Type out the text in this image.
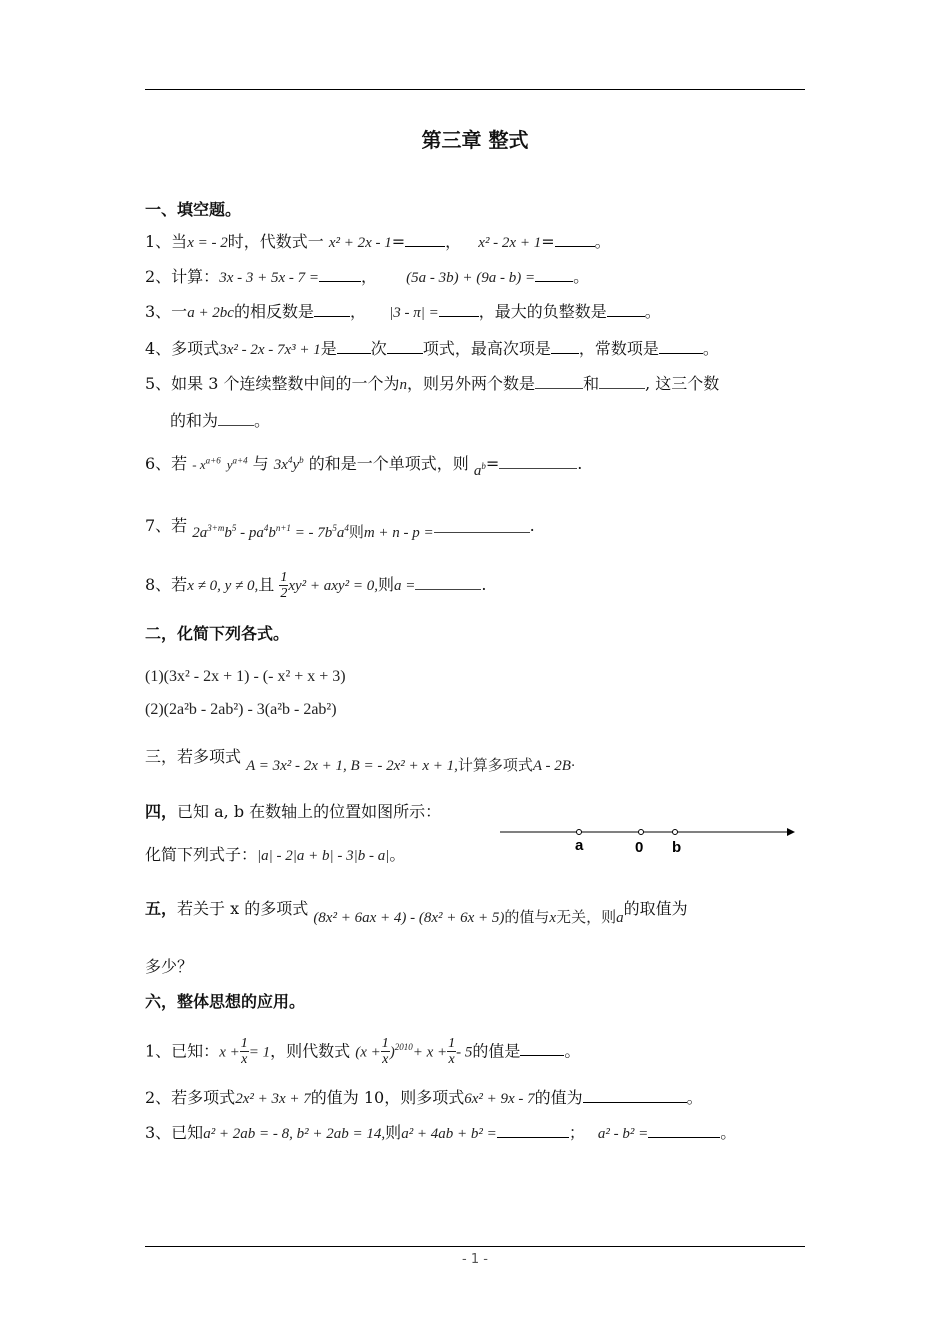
第三章 整式
一、填空题。
1、当x = - 2时，代数式一 x² + 2x - 1=	， x² - 2x + 1=	。
2、计算：3x - 3 + 5x - 7 =	， (5a - 3b) + (9a - b) = 。
3、一a + 2bc的相反数是 ， |3 - π| =	，最大的负整数是 。
4、多项式3x² - 2x - 7x³ + 1是 次 项式，最高次项是 ，常数项是	。
5、如果 3 个连续整数中间的一个为n，则另外两个数是	和	, 这三个数
的和为 。
6、若 - $x^{a+6}$ $y^{a+4}$ 与 $3x^4y^b$ 的和是一个单项式，则 $a^b=$	.
7、若 $2a^{3+m}b^5 - pa^4b^{n+1}$ = - $7b^5a^4$则m + n - p =	.
8、若x ≠ 0, y ≠ 0,且 $\frac{1}{2} xy^2 + axy^2 = 0$,则a =	.
二，化简下列各式。
(1)(3x² - 2x + 1) - (- x² + x + 3)
(2)(2a²b - 2ab²) - 3(a²b - 2ab²)
三，若多项式 A = 3x² - 2x + 1, B = - 2x² + x + 1,计算多项式A - 2B·
四，已知 a, b 在数轴上的位置如图所示：
化简下列式子：|a| - 2|a + b| - 3|b - a|。	a	0 b
五，若关于 x 的多项式 (8x² + 6ax + 4) - (8x² + 6x + 5)的值与x无关，则a的取值为
多少？
六，整体思想的应用。
1、已知：$x + \frac{1}{x} = 1$，则代数式 $(x + \frac{1}{x} )^{2010}+ x + \frac{1}{x} - 5$的值是	。
2、若多项式2x² + 3x + 7的值为 10，则多项式6x² + 9x - 7的值为	。
3、已知a² + 2ab = - 8, b² + 2ab = 14,则a² + 4ab + b² =	； a² - b² =	。
- 1 -
